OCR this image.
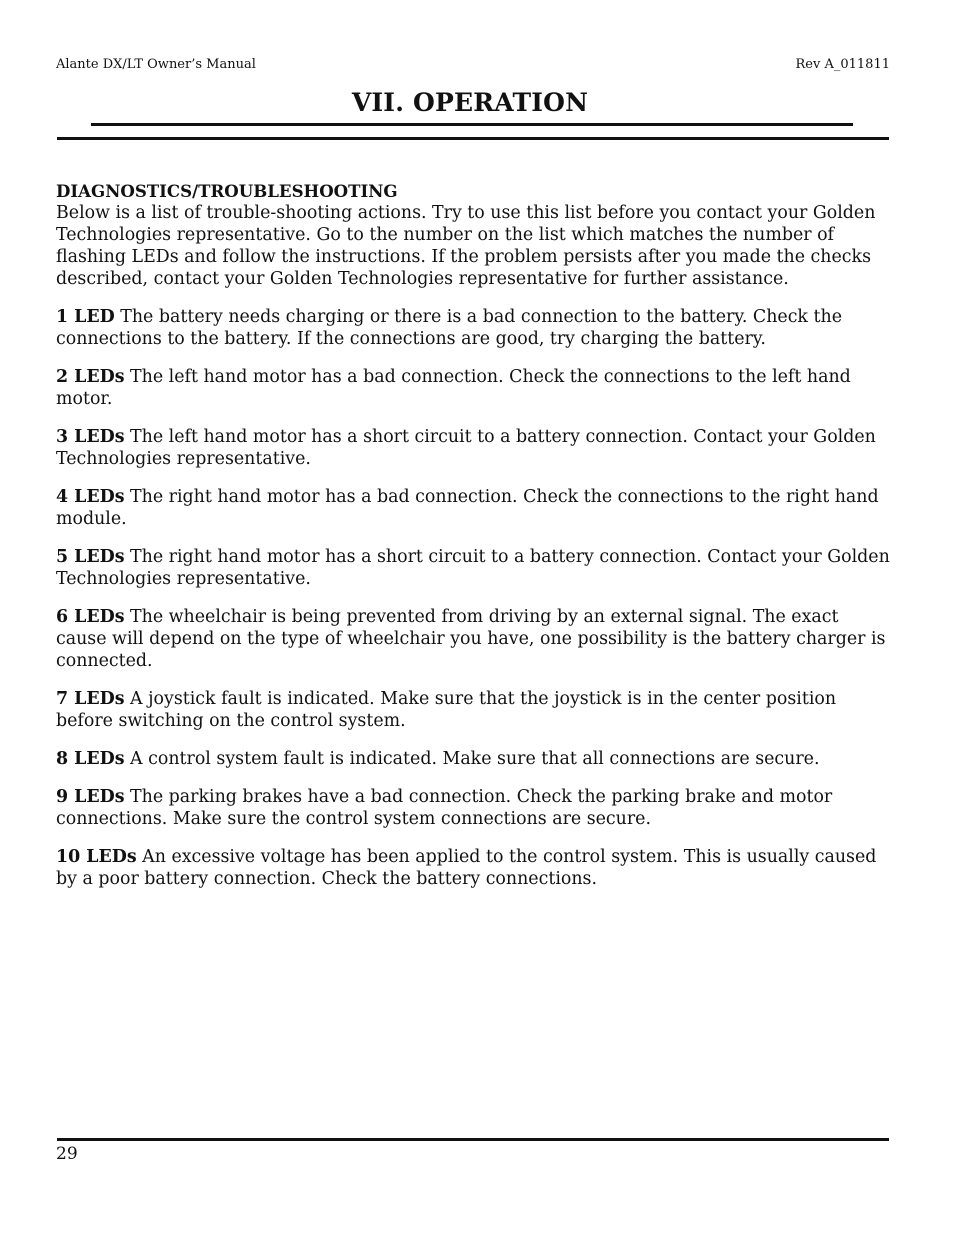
Alante DX/LT Owner’s Manual	Rev A_011811
VII. OPERATION
DIAGNOSTICS/TROUBLESHOOTING

Below is a list of trouble-shooting actions. Try to use this list before you contact your Golden Technologies representative. Go to the number on the list which matches the number of flashing LEDs and follow the instructions. If the problem persists after you made the checks described, contact your Golden Technologies representative for further assistance.

1 LED The battery needs charging or there is a bad connection to the battery. Check the connections to the battery. If the connections are good, try charging the battery.

2 LEDs The left hand motor has a bad connection. Check the connections to the left hand motor.

3 LEDs The left hand motor has a short circuit to a battery connection. Contact your Golden Technologies representative.

4 LEDs The right hand motor has a bad connection. Check the connections to the right hand module.

5 LEDs The right hand motor has a short circuit to a battery connection. Contact your Golden Technologies representative.

6 LEDs The wheelchair is being prevented from driving by an external signal. The exact cause will depend on the type of wheelchair you have, one possibility is the battery charger is connected.

7 LEDs A joystick fault is indicated. Make sure that the joystick is in the center position before switching on the control system.

8 LEDs A control system fault is indicated. Make sure that all connections are secure.

9 LEDs The parking brakes have a bad connection. Check the parking brake and motor connections. Make sure the control system connections are secure.

10 LEDs An excessive voltage has been applied to the control system. This is usually caused by a poor battery connection. Check the battery connections.

29
